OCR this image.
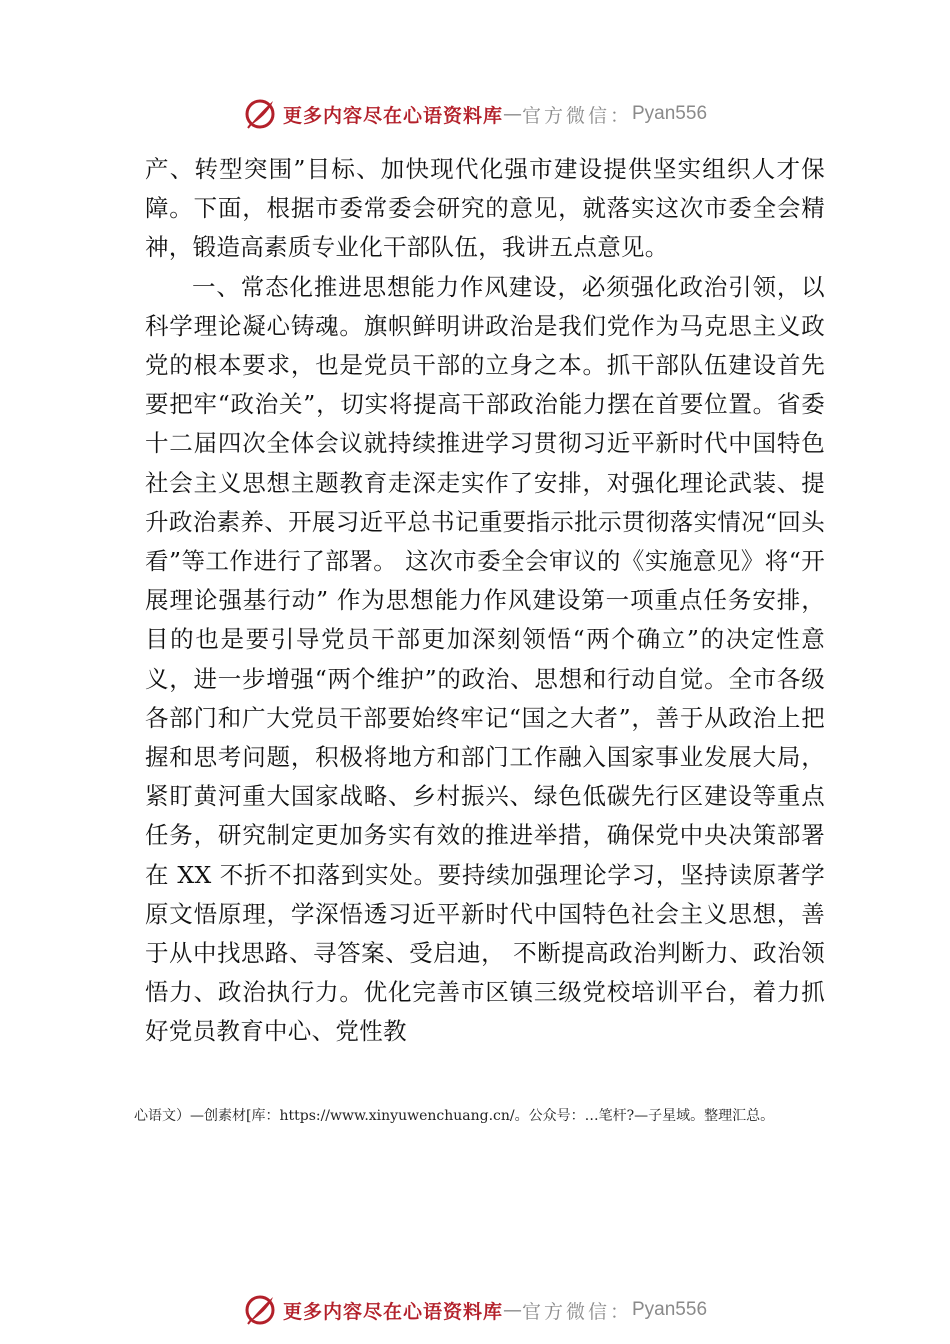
更多内容尽在心语资料库 — 官方微信： Pyan556

产、转型突围”目标、加快现代化强市建设提供坚实组织人才保障。下面，根据市委常委会研究的意见，就落实这次市委全会精神，锻造高素质专业化干部队伍，我讲五点意见。

一、常态化推进思想能力作风建设，必须强化政治引领，以科学理论凝心铸魂。旗帜鲜明讲政治是我们党作为马克思主义政党的根本要求，也是党员干部的立身之本。抓干部队伍建设首先要把牢“政治关”，切实将提高干部政治能力摆在首要位置。省委十二届四次全体会议就持续推进学习贯彻习近平新时代中国特色社会主义思想主题教育走深走实作了安排，对强化理论武装、提升政治素养、开展习近平总书记重要指示批示贯彻落实情况“回头看”等工作进行了部署。 这次市委全会审议的《实施意见》将“开展理论强基行动” 作为思想能力作风建设第一项重点任务安排，目的也是要引导党员干部更加深刻领悟“两个确立”的决定性意义，进一步增强“两个维护”的政治、思想和行动自觉。全市各级各部门和广大党员干部要始终牢记“国之大者”，善于从政治上把握和思考问题，积极将地方和部门工作融入国家事业发展大局，紧盯黄河重大国家战略、乡村振兴、绿色低碳先行区建设等重点任务，研究制定更加务实有效的推进举措，确保党中央决策部署在 XX 不折不扣落到实处。要持续加强理论学习，坚持读原著学原文悟原理，学深悟透习近平新时代中国特色社会主义思想，善于从中找思路、寻答案、受启迪， 不断提高政治判断力、政治领悟力、政治执行力。优化完善市区镇三级党校培训平台，着力抓好党员教育中心、党性教

心语文）—创素材[库：https://www.xinyuwenchuang.cn/。公众号：…笔杆?—子星域。整理汇总。
更多内容尽在心语资料库 — 官方微信： Pyan556
